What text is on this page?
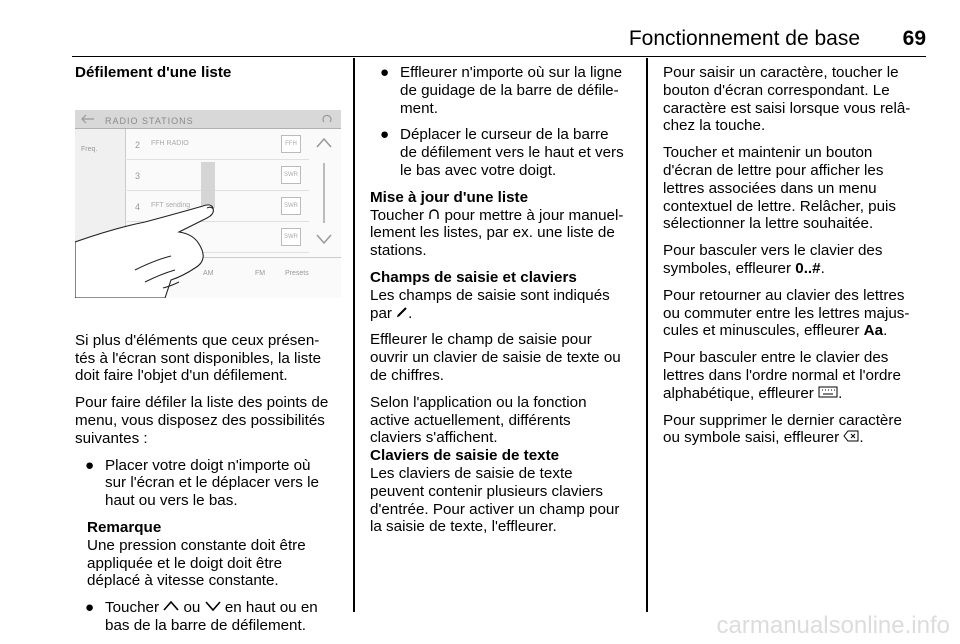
Fonctionnement de base 69

Défilement d'une liste

RADIO STATIONS
Freq.	2 FFH RADIO	FFH
3	SWR
4 FFT sending	SWR
SWR
AM	FM	Presets

Si plus d'éléments que ceux présen-
tés à l'écran sont disponibles, la liste
doit faire l'objet d'un défilement.

Pour faire défiler la liste des points de
menu, vous disposez des possibilités
suivantes :

● Placer votre doigt n'importe où
sur l'écran et le déplacer vers le
haut ou vers le bas.
Remarque
Une pression constante doit être
appliquée et le doigt doit être
déplacé à vitesse constante.
● Toucher  ou  en haut ou en
bas de la barre de défilement.
● Effleurer n'importe où sur la ligne
de guidage de la barre de défile-
ment.
● Déplacer le curseur de la barre
de défilement vers le haut et vers
le bas avec votre doigt.
Mise à jour d'une liste

Toucher  pour mettre à jour manuel-
lement les listes, par ex. une liste de
stations.

Champs de saisie et claviers

Les champs de saisie sont indiqués
par .

Effleurer le champ de saisie pour
ouvrir un clavier de saisie de texte ou
de chiffres.

Selon l'application ou la fonction
active actuellement, différents
claviers s'affichent.

Claviers de saisie de texte

Les claviers de saisie de texte
peuvent contenir plusieurs claviers
d'entrée. Pour activer un champ pour
la saisie de texte, l'effleurer.

Pour saisir un caractère, toucher le
bouton d'écran correspondant. Le
caractère est saisi lorsque vous relâ-
chez la touche.

Toucher et maintenir un bouton
d'écran de lettre pour afficher les
lettres associées dans un menu
contextuel de lettre. Relâcher, puis
sélectionner la lettre souhaitée.

Pour basculer vers le clavier des
symboles, effleurer 0..#.

Pour retourner au clavier des lettres
ou commuter entre les lettres majus-
cules et minuscules, effleurer Aa.

Pour basculer entre le clavier des
lettres dans l'ordre normal et l'ordre
alphabétique, effleurer .

Pour supprimer le dernier caractère
ou symbole saisi, effleurer .

carmanualsonline.info
